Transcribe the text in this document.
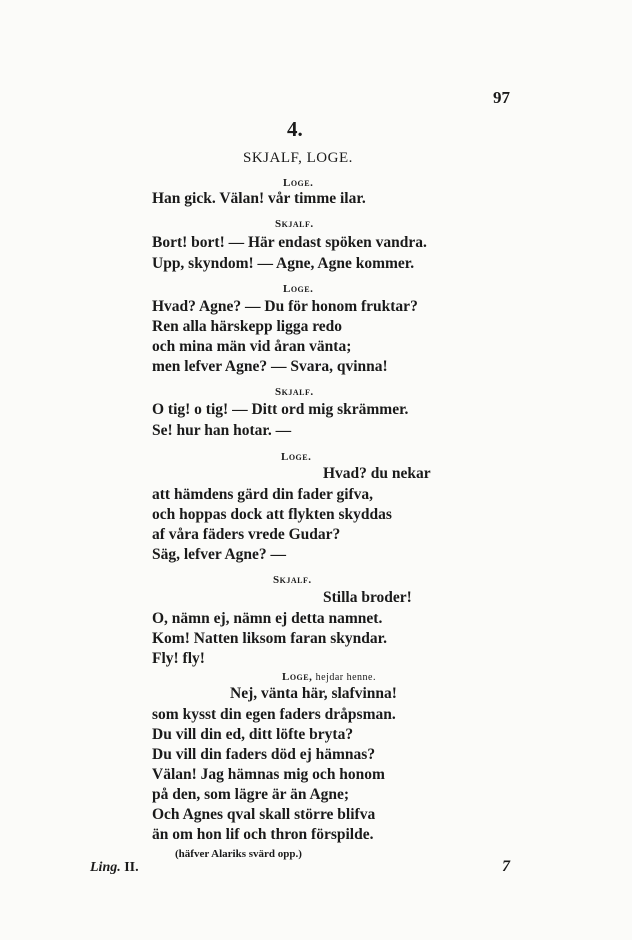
97
4.
SKJALF, LOGE.
Loge.
Han gick. Välan! vår timme ilar.
Skjalf.
Bort! bort! — Här endast spöken vandra.
Upp, skyndom! — Agne, Agne kommer.
Loge.
Hvad? Agne? — Du för honom fruktar?
Ren alla härskepp ligga redo
och mina män vid åran vänta;
men lefver Agne? — Svara, qvinna!
Skjalf.
O tig! o tig! — Ditt ord mig skrämmer.
Se! hur han hotar. —
Loge.
Hvad? du nekar
att hämdens gärd din fader gifva,
och hoppas dock att flykten skyddas
af våra fäders vrede Gudar?
Säg, lefver Agne? —
Skjalf.
Stilla broder!
O, nämn ej, nämn ej detta namnet.
Kom! Natten liksom faran skyndar.
Fly! fly!
Loge, hejdar henne.
Nej, vänta här, slafvinna!
som kysst din egen faders dråpsman.
Du vill din ed, ditt löfte bryta?
Du vill din faders död ej hämnas?
Välan! Jag hämnas mig och honom
på den, som lägre är än Agne;
Och Agnes qval skall större blifva
än om hon lif och thron förspilde.
(häfver Alariks svärd opp.)
Ling. II.	7
